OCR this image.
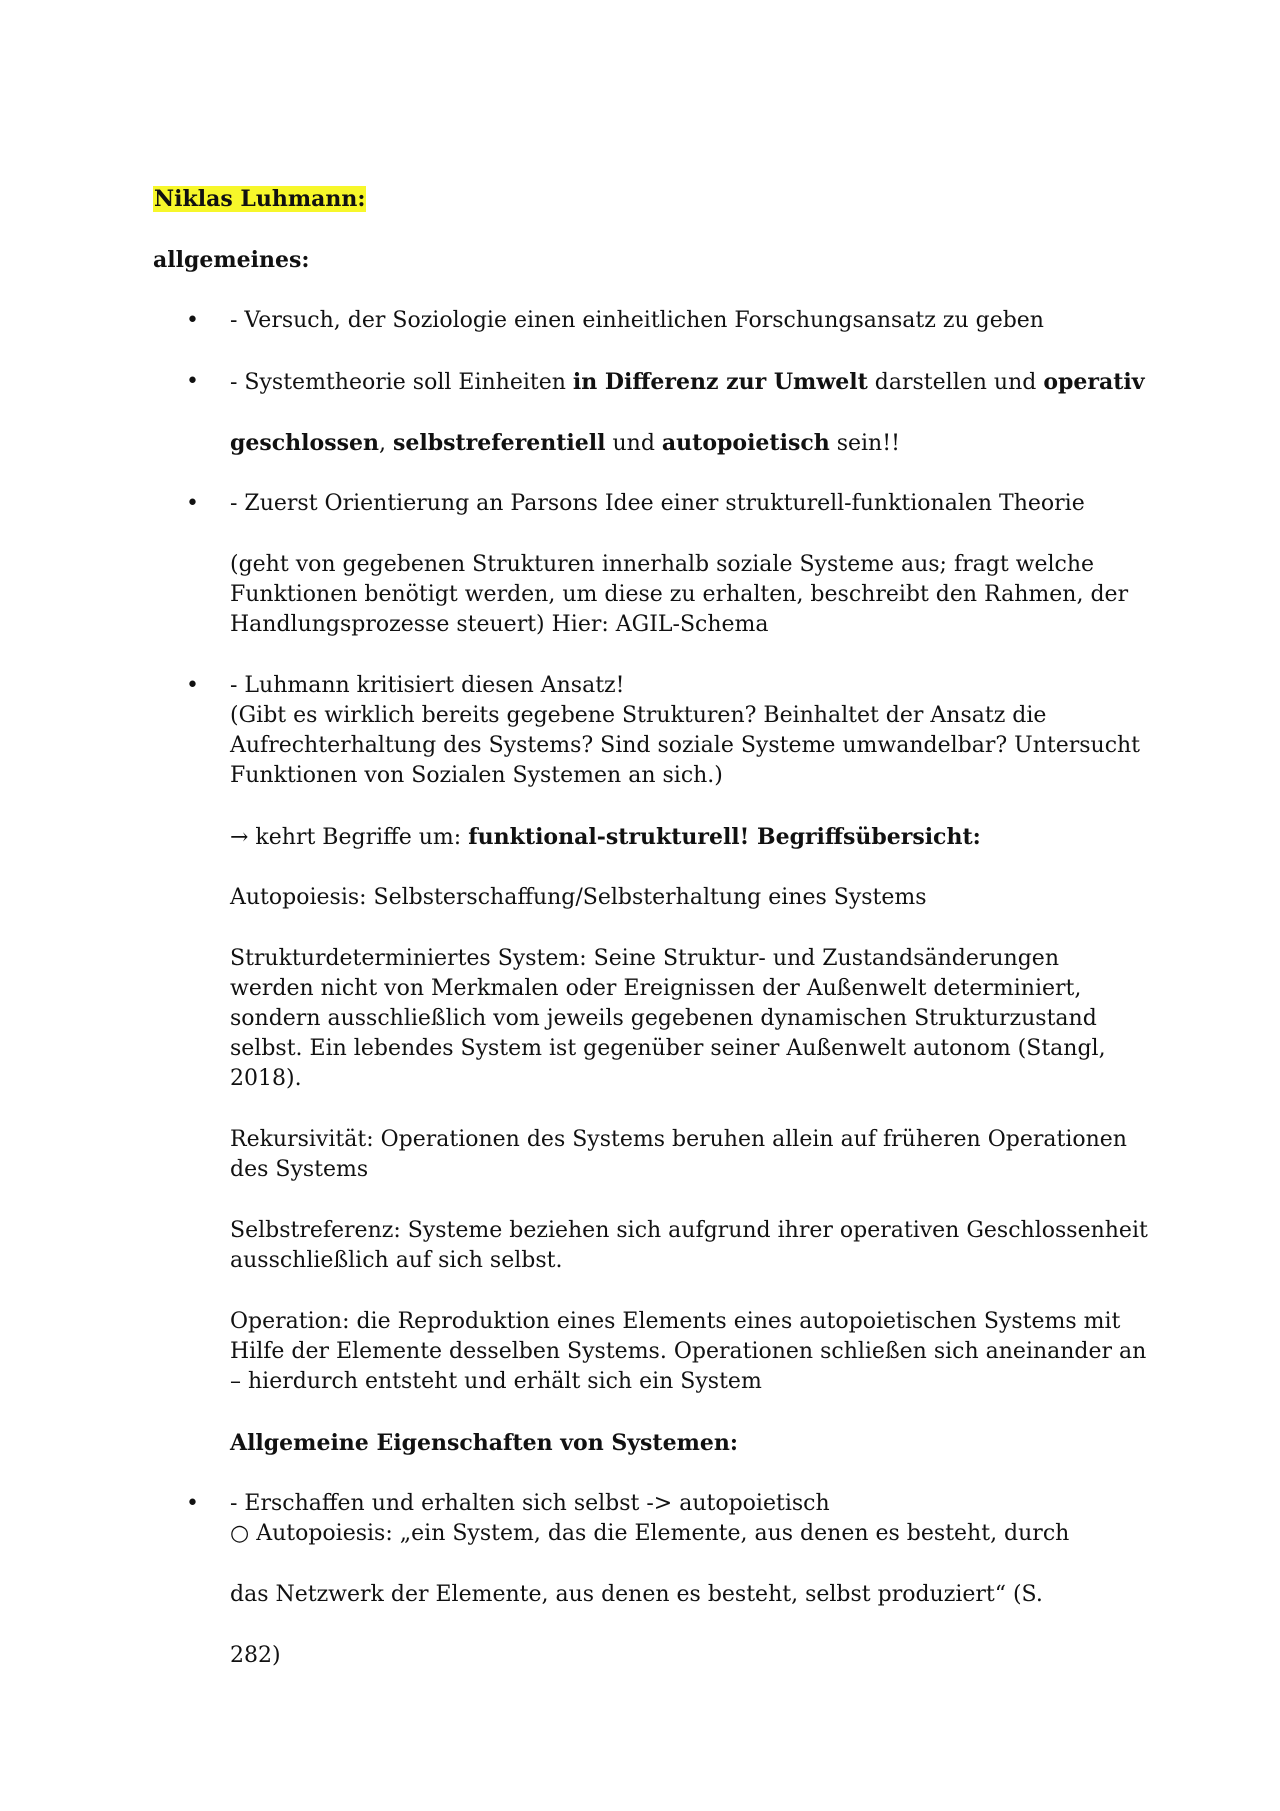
Niklas Luhmann:
allgemeines:
• - Versuch, der Soziologie einen einheitlichen Forschungsansatz zu geben
• - Systemtheorie soll Einheiten in Differenz zur Umwelt darstellen und operativ
geschlossen, selbstreferentiell und autopoietisch sein!!
• - Zuerst Orientierung an Parsons Idee einer strukturell-funktionalen Theorie
(geht von gegebenen Strukturen innerhalb soziale Systeme aus; fragt welche
Funktionen benötigt werden, um diese zu erhalten, beschreibt den Rahmen, der
Handlungsprozesse steuert) Hier: AGIL-Schema
• - Luhmann kritisiert diesen Ansatz!
(Gibt es wirklich bereits gegebene Strukturen? Beinhaltet der Ansatz die
Aufrechterhaltung des Systems? Sind soziale Systeme umwandelbar? Untersucht
Funktionen von Sozialen Systemen an sich.)
→ kehrt Begriffe um: funktional-strukturell! Begriffsübersicht:
Autopoiesis: Selbsterschaffung/Selbsterhaltung eines Systems
Strukturdeterminiertes System: Seine Struktur- und Zustandsänderungen
werden nicht von Merkmalen oder Ereignissen der Außenwelt determiniert,
sondern ausschließlich vom jeweils gegebenen dynamischen Strukturzustand
selbst. Ein lebendes System ist gegenüber seiner Außenwelt autonom (Stangl,
2018).
Rekursivität: Operationen des Systems beruhen allein auf früheren Operationen
des Systems
Selbstreferenz: Systeme beziehen sich aufgrund ihrer operativen Geschlossenheit
ausschließlich auf sich selbst.
Operation: die Reproduktion eines Elements eines autopoietischen Systems mit
Hilfe der Elemente desselben Systems. Operationen schließen sich aneinander an
– hierdurch entsteht und erhält sich ein System
Allgemeine Eigenschaften von Systemen:
• - Erschaffen und erhalten sich selbst -> autopoietisch
○ Autopoiesis: „ein System, das die Elemente, aus denen es besteht, durch
das Netzwerk der Elemente, aus denen es besteht, selbst produziert“ (S.
282)
